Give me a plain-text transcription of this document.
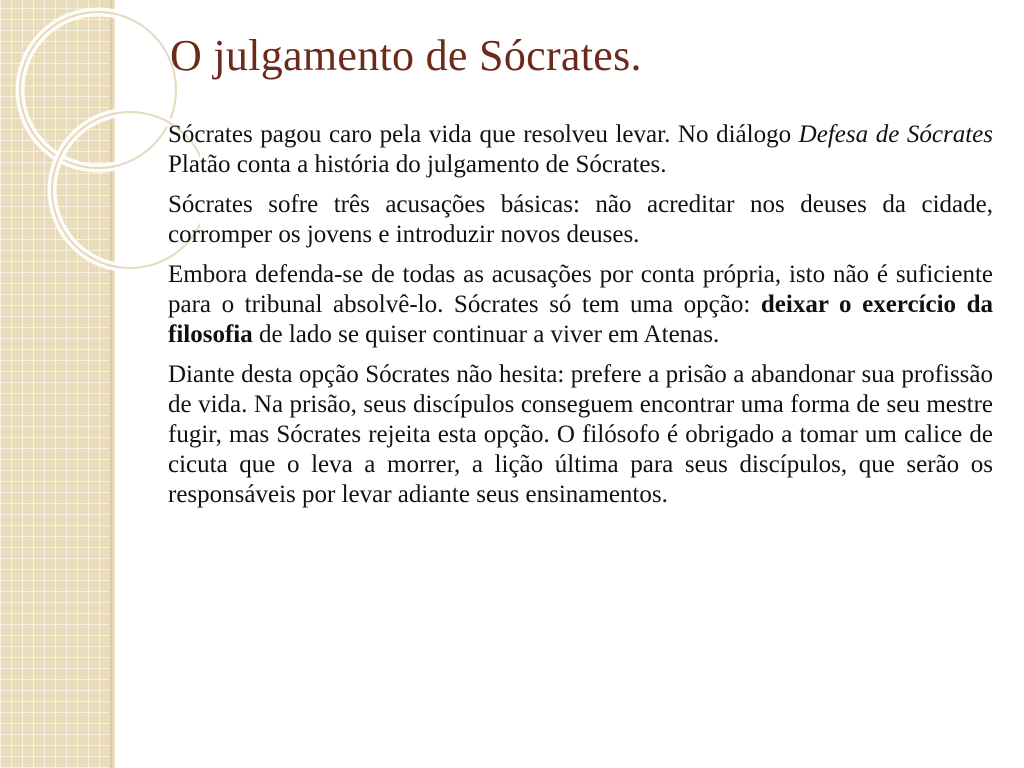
O julgamento de Sócrates.

Sócrates pagou caro pela vida que resolveu levar. No diálogo Defesa de Sócrates Platão conta a história do julgamento de Sócrates.

Sócrates sofre três acusações básicas: não acreditar nos deuses da cidade, corromper os jovens e introduzir novos deuses.

Embora defenda-se de todas as acusações por conta própria, isto não é suficiente para o tribunal absolvê-lo. Sócrates só tem uma opção: deixar o exercício da filosofia de lado se quiser continuar a viver em Atenas.

Diante desta opção Sócrates não hesita: prefere a prisão a abandonar sua profissão de vida. Na prisão, seus discípulos conseguem encontrar uma forma de seu mestre fugir, mas Sócrates rejeita esta opção. O filósofo é obrigado a tomar um calice de cicuta que o leva a morrer, a lição última para seus discípulos, que serão os responsáveis por levar adiante seus ensinamentos.
